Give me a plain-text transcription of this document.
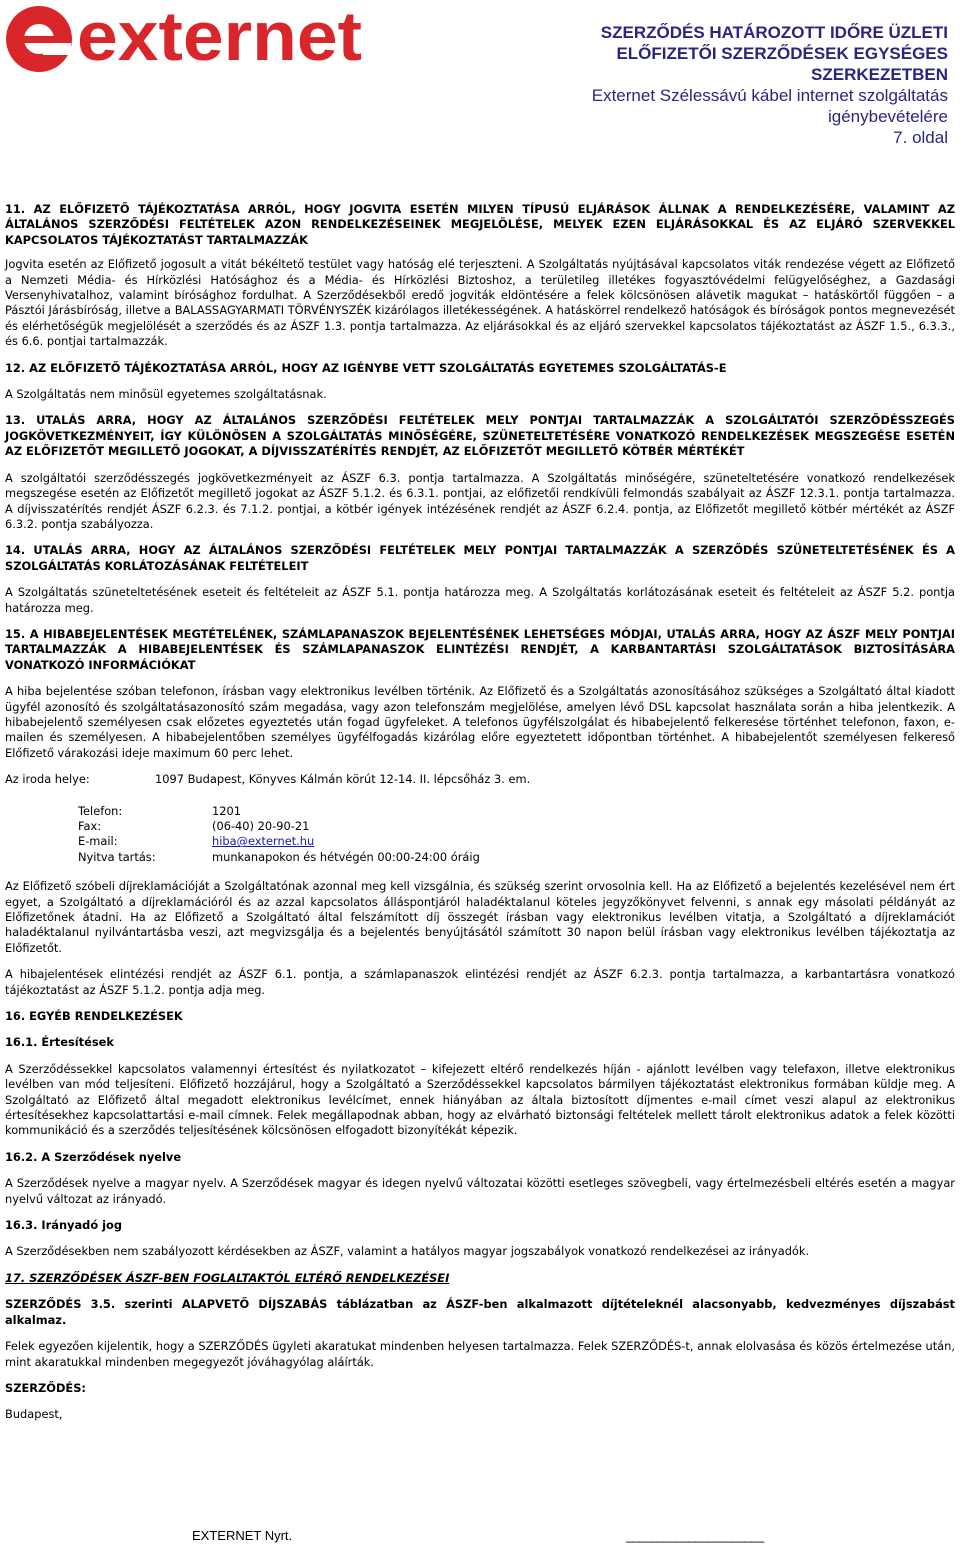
externet	SZERZŐDÉS HATÁROZOTT IDŐRE ÜZLETI
ELŐFIZETŐI SZERZŐDÉSEK EGYSÉGES
SZERKEZETBEN
Externet Szélessávú kábel internet szolgáltatás
igénybevételére
7. oldal
11. AZ ELŐFIZETŐ TÁJÉKOZTATÁSA ARRÓL, HOGY JOGVITA ESETÉN MILYEN TÍPUSÚ ELJÁRÁSOK ÁLLNAK A RENDELKEZÉSÉRE, VALAMINT AZ ÁLTALÁNOS SZERZŐDÉSI FELTÉTELEK AZON RENDELKEZÉSEINEK MEGJELÖLÉSE, MELYEK EZEN ELJÁRÁSOKKAL ÉS AZ ELJÁRÓ SZERVEKKEL KAPCSOLATOS TÁJÉKOZTATÁST TARTALMAZZÁK

Jogvita esetén az Előfizető jogosult a vitát békéltető testület vagy hatóság elé terjeszteni. A Szolgáltatás nyújtásával kapcsolatos viták rendezése végett az Előfizető a Nemzeti Média- és Hírközlési Hatósághoz és a Média- és Hírközlési Biztoshoz, a területileg illetékes fogyasztóvédelmi felügyelőséghez, a Gazdasági Versenyhivatalhoz, valamint bírósághoz fordulhat. A Szerződésekből eredő jogviták eldöntésére a felek kölcsönösen alávetik magukat – hatáskörtől függően – a Pásztói Járásbíróság, illetve a BALASSAGYARMATI TÖRVÉNYSZÉK kizárólagos illetékességének. A hatáskörrel rendelkező hatóságok és bíróságok pontos megnevezését és elérhetőségük megjelölését a szerződés és az ÁSZF 1.3. pontja tartalmazza. Az eljárásokkal és az eljáró szervekkel kapcsolatos tájékoztatást az ÁSZF 1.5., 6.3.3., és 6.6. pontjai tartalmazzák.

12. AZ ELŐFIZETŐ TÁJÉKOZTATÁSA ARRÓL, HOGY AZ IGÉNYBE VETT SZOLGÁLTATÁS EGYETEMES SZOLGÁLTATÁS-E

A Szolgáltatás nem minősül egyetemes szolgáltatásnak.

13. UTALÁS ARRA, HOGY AZ ÁLTALÁNOS SZERZŐDÉSI FELTÉTELEK MELY PONTJAI TARTALMAZZÁK A SZOLGÁLTATÓI SZERZŐDÉSSZEGÉS JOGKÖVETKEZMÉNYEIT, ÍGY KÜLÖNÖSEN A SZOLGÁLTATÁS MINŐSÉGÉRE, SZÜNETELTETÉSÉRE VONATKOZÓ RENDELKEZÉSEK MEGSZEGÉSE ESETÉN AZ ELŐFIZETŐT MEGILLETŐ JOGOKAT, A DÍJVISSZATÉRÍTÉS RENDJÉT, AZ ELŐFIZETŐT MEGILLETŐ KÖTBÉR MÉRTÉKÉT

A szolgáltatói szerződésszegés jogkövetkezményeit az ÁSZF 6.3. pontja tartalmazza. A Szolgáltatás minőségére, szüneteltetésére vonatkozó rendelkezések megszegése esetén az Előfizetőt megillető jogokat az ÁSZF 5.1.2. és 6.3.1. pontjai, az előfizetői rendkívüli felmondás szabályait az ÁSZF 12.3.1. pontja tartalmazza. A díjvisszatérítés rendjét ÁSZF 6.2.3. és 7.1.2. pontjai, a kötbér igények intézésének rendjét az ÁSZF 6.2.4. pontja, az Előfizetőt megillető kötbér mértékét az ÁSZF 6.3.2. pontja szabályozza.

14. UTALÁS ARRA, HOGY AZ ÁLTALÁNOS SZERZŐDÉSI FELTÉTELEK MELY PONTJAI TARTALMAZZÁK A SZERZŐDÉS SZÜNETELTETÉSÉNEK ÉS A SZOLGÁLTATÁS KORLÁTOZÁSÁNAK FELTÉTELEIT

A Szolgáltatás szüneteltetésének eseteit és feltételeit az ÁSZF 5.1. pontja határozza meg. A Szolgáltatás korlátozásának eseteit és feltételeit az ÁSZF 5.2. pontja határozza meg.

15. A HIBABEJELENTÉSEK MEGTÉTELÉNEK, SZÁMLAPANASZOK BEJELENTÉSÉNEK LEHETSÉGES MÓDJAI, UTALÁS ARRA, HOGY AZ ÁSZF MELY PONTJAI TARTALMAZZÁK A HIBABEJELENTÉSEK ÉS SZÁMLAPANASZOK ELINTÉZÉSI RENDJÉT, A KARBANTARTÁSI SZOLGÁLTATÁSOK BIZTOSÍTÁSÁRA VONATKOZÓ INFORMÁCIÓKAT

A hiba bejelentése szóban telefonon, írásban vagy elektronikus levélben történik. Az Előfizető és a Szolgáltatás azonosításához szükséges a Szolgáltató által kiadott ügyfél azonosító és szolgáltatásazonosító szám megadása, vagy azon telefonszám megjelölése, amelyen lévő DSL kapcsolat használata során a hiba jelentkezik. A hibabejelentő személyesen csak előzetes egyeztetés után fogad ügyfeleket. A telefonos ügyfélszolgálat és hibabejelentő felkeresése történhet telefonon, faxon, e-mailen és személyesen. A hibabejelentőben személyes ügyfélfogadás kizárólag előre egyeztetett időpontban történhet. A hibabejelentőt személyesen felkereső Előfizető várakozási ideje maximum 60 perc lehet.

Az iroda helye:	1097 Budapest, Könyves Kálmán körút 12-14. II. lépcsőház 3. em.
Telefon:	1201
Fax:	(06-40) 20-90-21
E-mail:	hiba@externet.hu
Nyitva tartás:	munkanapokon és hétvégén 00:00-24:00 óráig

Az Előfizető szóbeli díjreklamációját a Szolgáltatónak azonnal meg kell vizsgálnia, és szükség szerint orvosolnia kell. Ha az Előfizető a bejelentés kezelésével nem ért egyet, a Szolgáltató a díjreklamációról és az azzal kapcsolatos álláspontjáról haladéktalanul köteles jegyzőkönyvet felvenni, s annak egy másolati példányát az Előfizetőnek átadni. Ha az Előfizető a Szolgáltató által felszámított díj összegét írásban vagy elektronikus levélben vitatja, a Szolgáltató a díjreklamációt haladéktalanul nyilvántartásba veszi, azt megvizsgálja és a bejelentés benyújtásától számított 30 napon belül írásban vagy elektronikus levélben tájékoztatja az Előfizetőt.

A hibajelentések elintézési rendjét az ÁSZF 6.1. pontja, a számlapanaszok elintézési rendjét az ÁSZF 6.2.3. pontja tartalmazza, a karbantartásra vonatkozó tájékoztatást az ÁSZF 5.1.2. pontja adja meg.

16. EGYÉB RENDELKEZÉSEK
16.1. Értesítések

A Szerződéssekkel kapcsolatos valamennyi értesítést és nyilatkozatot – kifejezett eltérő rendelkezés híján - ajánlott levélben vagy telefaxon, illetve elektronikus levélben van mód teljesíteni. Előfizető hozzájárul, hogy a Szolgáltató a Szerződéssekkel kapcsolatos bármilyen tájékoztatást elektronikus formában küldje meg. A Szolgáltató az Előfizető által megadott elektronikus levélcímet, ennek hiányában az általa biztosított díjmentes e-mail címet veszi alapul az elektronikus értesítésekhez kapcsolattartási e-mail címnek. Felek megállapodnak abban, hogy az elvárható biztonsági feltételek mellett tárolt elektronikus adatok a felek közötti kommunikáció és a szerződés teljesítésének kölcsönösen elfogadott bizonyítékát képezik.

16.2. A Szerződések nyelve

A Szerződések nyelve a magyar nyelv. A Szerződések magyar és idegen nyelvű változatai közötti esetleges szövegbeli, vagy értelmezésbeli eltérés esetén a magyar nyelvű változat az irányadó.

16.3. Irányadó jog

A Szerződésekben nem szabályozott kérdésekben az ÁSZF, valamint a hatályos magyar jogszabályok vonatkozó rendelkezései az irányadók.

17. SZERZŐDÉSEK ÁSZF-BEN FOGLALTAKTÓL ELTÉRŐ RENDELKEZÉSEI
SZERZŐDÉS 3.5. szerinti ALAPVETŐ DÍJSZABÁS táblázatban az ÁSZF-ben alkalmazott díjtételeknél alacsonyabb, kedvezményes díjszabást alkalmaz.

Felek egyezően kijelentik, hogy a SZERZŐDÉS ügyleti akaratukat mindenben helyesen tartalmazza. Felek SZERZŐDÉS-t, annak elolvasása és közös értelmezése után, mint akaratukkal mindenben megegyezőt jóváhagyólag aláírták.

SZERZŐDÉS:

Budapest,

EXTERNET Nyrt.	______________________
